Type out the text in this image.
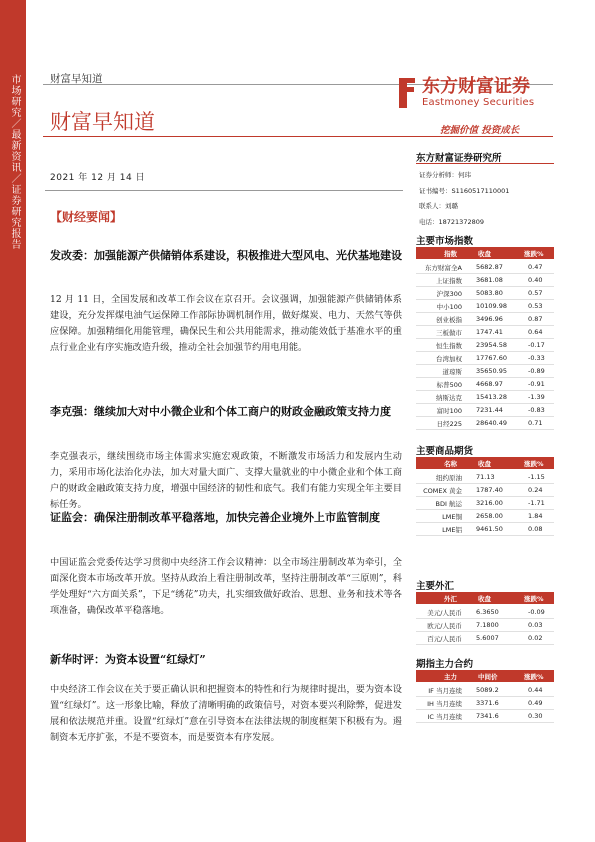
市场研究／最新资讯／证券研究报告	财富早知道
财富早知道
东方财富证券
Eastmoney Securities
挖掘价值 投资成长
2021 年 12 月 14 日
【财经要闻】
发改委：加强能源产供储销体系建设，积极推进大型风电、光伏基地建设
12 月 11 日，全国发展和改革工作会议在京召开。会议强调，加强能源产供储销体系建设，充分发挥煤电油气运保障工作部际协调机制作用，做好煤炭、电力、天然气等供应保障。加强精细化用能管理，确保民生和公共用能需求，推动能效低于基准水平的重点行业企业有序实施改造升级，推动全社会加强节约用电用能。
李克强：继续加大对中小微企业和个体工商户的财政金融政策支持力度
李克强表示，继续围绕市场主体需求实施宏观政策，不断激发市场活力和发展内生动力，采用市场化法治化办法，加大对量大面广、支撑大量就业的中小微企业和个体工商户的财政金融政策支持力度，增强中国经济的韧性和底气。我们有能力实现全年主要目标任务。
证监会：确保注册制改革平稳落地，加快完善企业境外上市监管制度
中国证监会党委传达学习贯彻中央经济工作会议精神：以全市场注册制改革为牵引，全面深化资本市场改革开放。坚持从政治上看注册制改革，坚持注册制改革“三原则”，科学处理好“六方面关系”，下足“绣花”功夫，扎实细致做好政治、思想、业务和技术等各项准备，确保改革平稳落地。
新华时评：为资本设置“红绿灯”
中央经济工作会议在关于要正确认识和把握资本的特性和行为规律时提出，要为资本设置“红绿灯”。这一形象比喻，释放了清晰明确的政策信号，对资本要兴利除弊，促进发展和依法规范并重。设置“红绿灯”意在引导资本在法律法规的制度框架下积极有为。遏制资本无序扩张，不是不要资本，而是要资本有序发展。
东方财富证券研究所
证券分析师：何玮
证书编号：S1160517110001
联系人：刘璐
电话：18721372809
主要市场指数
指数	收盘	涨跌%
东方财富全A 5682.87	0.47
上证指数 3681.08	0.40
沪深300 5083.80	0.57
中小100 10109.98	0.53
创业板指 3496.96	0.87
三板做市 1747.41	0.64
恒生指数 23954.58	-0.17
台湾加权 17767.60	-0.33
道琼斯 35650.95	-0.89
标普500 4668.97	-0.91
纳斯达克 15413.28	-1.39
富时100 7231.44	-0.83
日经225 28640.49	0.71
主要商品期货
名称	收盘	涨跌%
纽约原油 71.13	-1.15
COMEX 黄金 1787.40	0.24
BDI 航运 3216.00	-1.71
LME铜 2658.00	1.84
LME铝 9461.50	0.08
主要外汇
外汇	收盘	涨跌%
美元/人民币 6.3650	-0.09
欧元/人民币 7.1800	0.03
百元/人民币 5.6007	0.02
期指主力合约
主力	中间价	涨跌%
IF 当月连续 5089.2	0.44
IH 当月连续 3371.6	0.49
IC 当月连续 7341.6	0.30
